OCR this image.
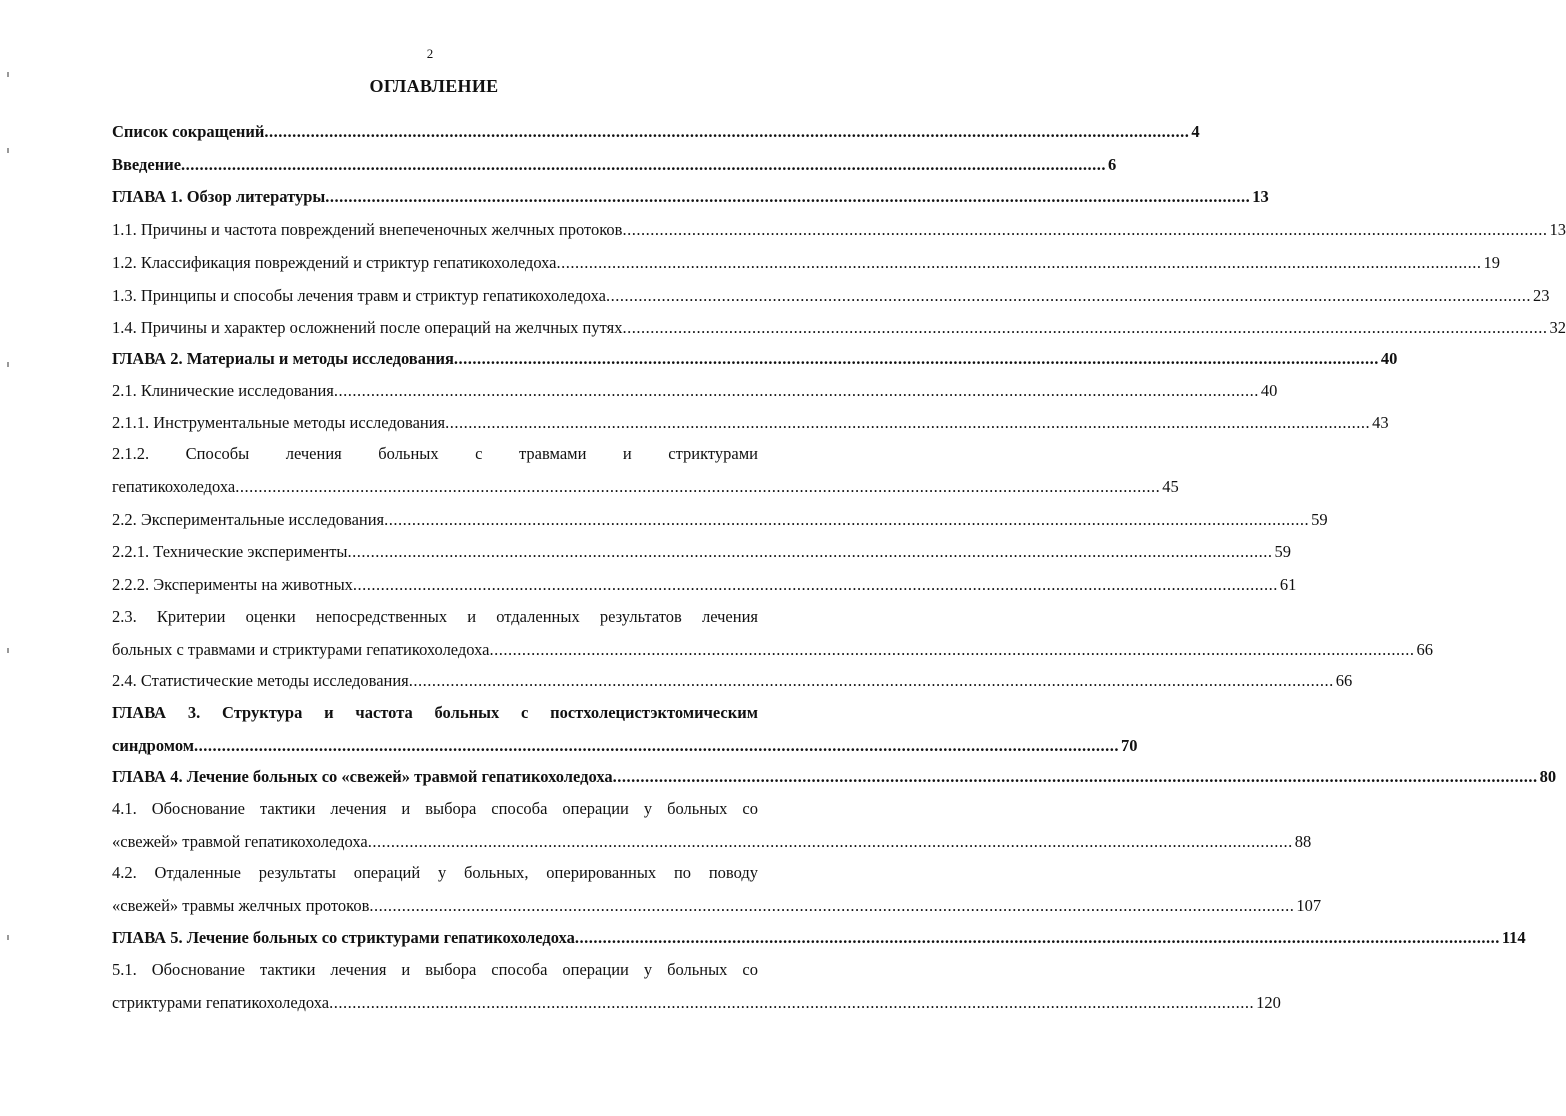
2
ОГЛАВЛЕНИЕ
Список сокращений ........................................................................................................................................................................................................ 4
Введение ........................................................................................................................................................................................................ 6
ГЛАВА 1. Обзор литературы ........................................................................................................................................................................................................ 13
1.1. Причины и частота повреждений внепеченочных желчных протоков ........................................................................................................................................................................................................ 13
1.2. Классификация повреждений и стриктур гепатикохоледоха ........................................................................................................................................................................................................ 19
1.3. Принципы и способы лечения травм и стриктур гепатикохоледоха ........................................................................................................................................................................................................ 23
1.4. Причины и характер осложнений после операций на желчных путях ........................................................................................................................................................................................................ 32
ГЛАВА 2. Материалы и методы исследования ........................................................................................................................................................................................................ 40
2.1. Клинические исследования ........................................................................................................................................................................................................ 40
2.1.1. Инструментальные методы исследования ........................................................................................................................................................................................................ 43
2.1.2. Способы лечения больных с травмами и стриктурами
гепатикохоледоха ........................................................................................................................................................................................................ 45
2.2. Экспериментальные исследования ........................................................................................................................................................................................................ 59
2.2.1. Технические эксперименты ........................................................................................................................................................................................................ 59
2.2.2. Эксперименты на животных ........................................................................................................................................................................................................ 61
2.3. Критерии оценки непосредственных и отдаленных результатов лечения
больных с травмами и стриктурами гепатикохоледоха ........................................................................................................................................................................................................ 66
2.4. Статистические методы исследования ........................................................................................................................................................................................................ 66
ГЛАВА 3. Структура и частота больных с постхолецистэктомическим
синдромом ........................................................................................................................................................................................................ 70
ГЛАВА 4. Лечение больных со «свежей» травмой гепатикохоледоха ........................................................................................................................................................................................................ 80
4.1. Обоснование тактики лечения и выбора способа операции у больных со
«свежей» травмой гепатикохоледоха ........................................................................................................................................................................................................ 88
4.2. Отдаленные результаты операций у больных, оперированных по поводу
«свежей» травмы желчных протоков ........................................................................................................................................................................................................ 107
ГЛАВА 5. Лечение больных со стриктурами гепатикохоледоха ........................................................................................................................................................................................................ 114
5.1. Обоснование тактики лечения и выбора способа операции у больных со
стриктурами гепатикохоледоха ........................................................................................................................................................................................................ 120
